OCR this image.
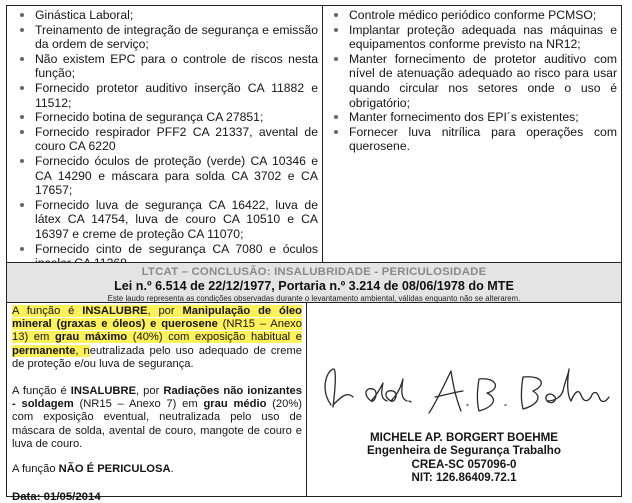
Ginástica Laboral;
Treinamento de integração de segurança e emissão da ordem de serviço;
Não existem EPC para o controle de riscos nesta função;
Fornecido protetor auditivo inserção CA 11882 e 11512;
Fornecido botina de segurança CA 27851;
Fornecido respirador PFF2 CA 21337, avental de couro CA 6220
Fornecido óculos de proteção (verde) CA 10346 e CA 14290 e máscara para solda CA 3702 e CA 17657;
Fornecido luva de segurança CA 16422, luva de látex CA 14754, luva de couro CA 10510 e CA 16397 e creme de proteção CA 11070;
Fornecido cinto de segurança CA 7080 e óculos
Controle médico periódico conforme PCMSO;
Implantar proteção adequada nas máquinas e equipamentos conforme previsto na NR12;
Manter fornecimento de protetor auditivo com nível de atenuação adequado ao risco para usar quando circular nos setores onde o uso é obrigatório;
Manter fornecimento dos EPI´s existentes;
Fornecer luva nitrílica para operações com querosene.
LTCAT – CONCLUSÃO: INSALUBRIDADE - PERICULOSIDADE
Lei n.º 6.514 de 22/12/1977, Portaria n.º 3.214 de 08/06/1978 do MTE
Este laudo representa as condições observadas durante o levantamento ambiental, válidas enquanto não se alterarem.

A função é INSALUBRE, por Manipulação de óleo mineral (graxas e óleos) e querosene (NR15 – Anexo 13) em grau máximo (40%) com exposição habitual e permanente, neutralizada pelo uso adequado de creme de proteção e/ou luva de segurança.

A função é INSALUBRE, por Radiações não ionizantes - soldagem (NR15 – Anexo 7) em grau médio (20%) com exposição eventual, neutralizada pelo uso de máscara de solda, avental de couro, mangote de couro e luva de couro.

A função NÃO É PERICULOSA.

Data: 01/05/2014

MICHELE AP. BORGERT BOEHME
Engenheira de Segurança Trabalho
CREA-SC 057096-0
NIT: 126.86409.72.1
